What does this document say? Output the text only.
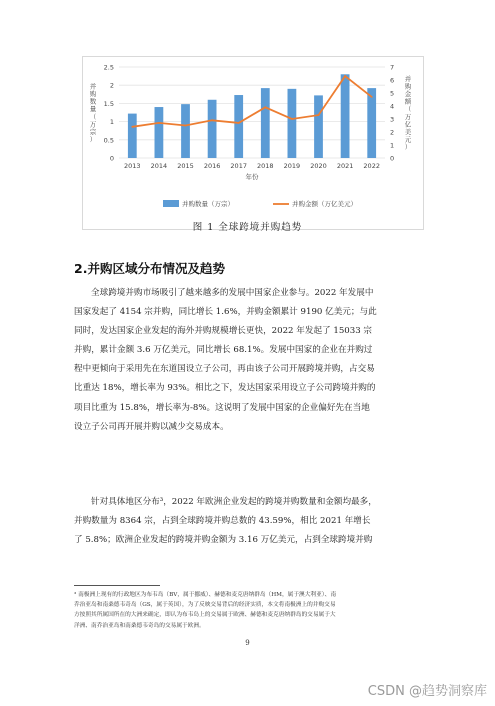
0
0.5
1
1.5
2
2.5
0
1
2
3
4
5
6
7
2013 2014 2015 2016 2017 2018 2019 2020 2021 2022
年份
并购数量（万宗）
并购金额（万亿美元）
并购数量（万宗）	并购金额（万亿美元）
图 1 全球跨境并购趋势
2.并购区域分布情况及趋势
全球跨境并购市场吸引了越来越多的发展中国家企业参与。2022 年发展中
国家发起了 4154 宗并购，同比增长 1.6%，并购金额累计 9190 亿美元；与此
同时，发达国家企业发起的海外并购规模增长更快，2022 年发起了 15033 宗
并购，累计金额 3.6 万亿美元，同比增长 68.1%。发展中国家的企业在并购过
程中更倾向于采用先在东道国设立子公司，再由该子公司开展跨境并购，占交易
比重达 18%，增长率为 93%。相比之下，发达国家采用设立子公司跨境并购的
项目比重为 15.8%，增长率为-8%。这说明了发展中国家的企业偏好先在当地
设立子公司再开展并购以减少交易成本。
针对具体地区分布³，2022 年欧洲企业发起的跨境并购数量和金额均最多，
并购数量为 8364 宗，占到全球跨境并购总数的 43.59%，相比 2021 年增长
了 5.8%；欧洲企业发起的跨境并购金额为 3.16 万亿美元，占到全球跨境并购
³ 南极洲上现有的行政地区为布韦岛（BV，属于挪威）、赫德和麦克唐纳群岛（HM，属于澳大利亚）、南
乔治亚岛和南桑德韦奇岛（GS，属于英国），为了反映交易背后的经济实质，本文将南极洲上的并购交易
方按照其所属国所在的大洲来确定，即认为布韦岛上的交易属于欧洲、赫德和麦克唐纳群岛的交易属于大
洋洲、南乔治亚岛和南桑德韦奇岛的交易属于欧洲。
9
CSDN @趋势洞察库
